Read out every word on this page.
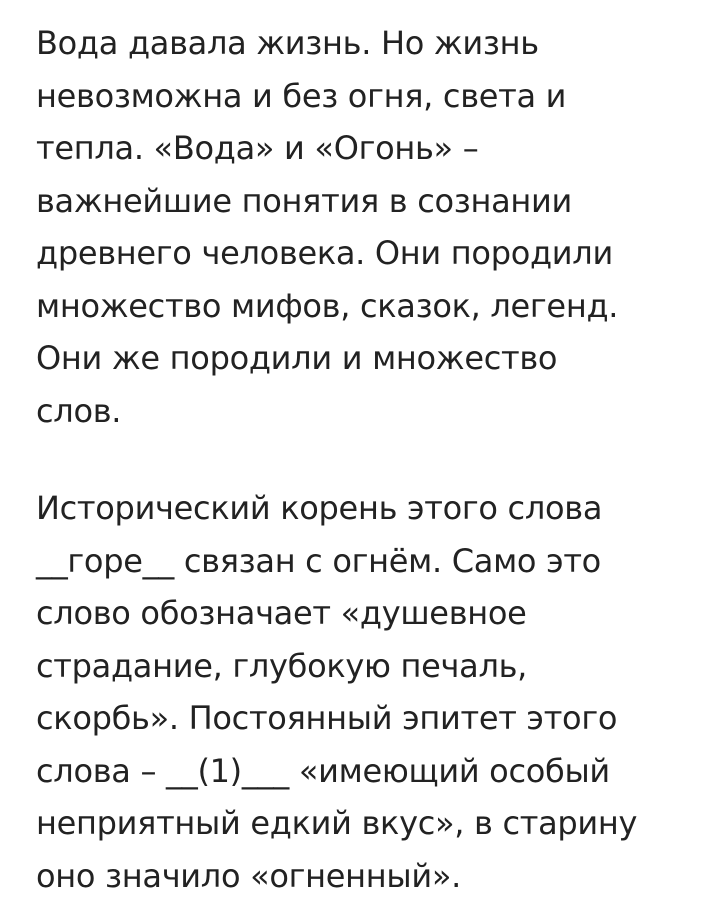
Вода давала жизнь. Но жизнь
невозможна и без огня, света и
тепла. «Вода» и «Огонь» –
важнейшие понятия в сознании
древнего человека. Они породили
множество мифов, сказок, легенд.
Они же породили и множество
слов.
Исторический корень этого слова
__горе__ связан с огнём. Само это
слово обозначает «душевное
страдание, глубокую печаль,
скорбь». Постоянный эпитет этого
слова – __(1)___ «имеющий особый
неприятный едкий вкус», в старину
оно значило «огненный».
